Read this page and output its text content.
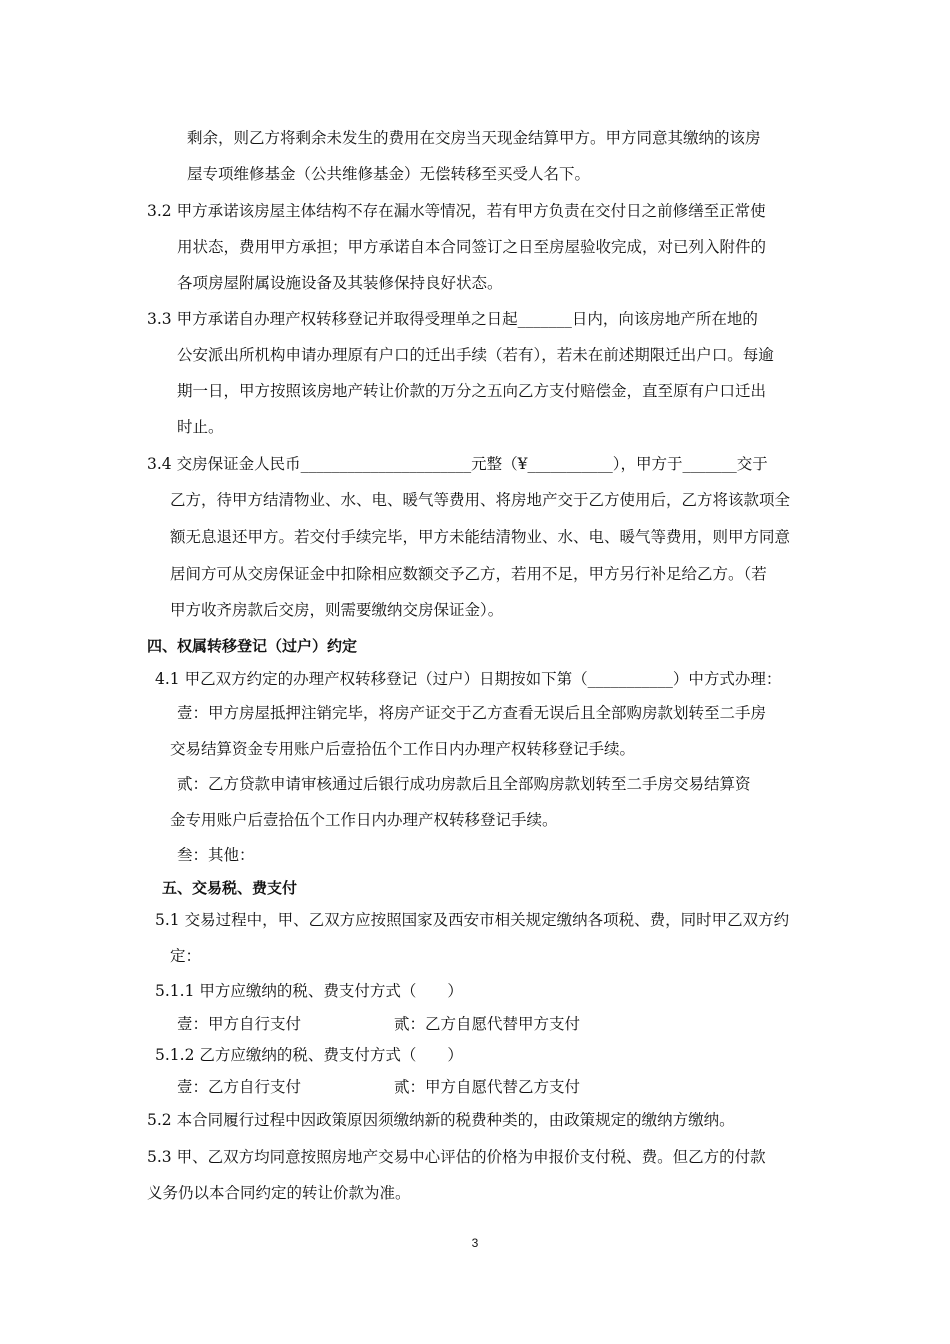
剩余，则乙方将剩余未发生的费用在交房当天现金结算甲方。甲方同意其缴纳的该房
屋专项维修基金（公共维修基金）无偿转移至买受人名下。
3.2 甲方承诺该房屋主体结构不存在漏水等情况，若有甲方负责在交付日之前修缮至正常使
用状态，费用甲方承担；甲方承诺自本合同签订之日至房屋验收完成，对已列入附件的
各项房屋附属设施设备及其装修保持良好状态。
3.3 甲方承诺自办理产权转移登记并取得受理单之日起_______日内，向该房地产所在地的
公安派出所机构申请办理原有户口的迁出手续（若有），若未在前述期限迁出户口。每逾
期一日，甲方按照该房地产转让价款的万分之五向乙方支付赔偿金，直至原有户口迁出
时止。
3.4 交房保证金人民币______________________元整（¥___________），甲方于_______交于
乙方，待甲方结清物业、水、电、暖气等费用、将房地产交于乙方使用后，乙方将该款项全
额无息退还甲方。若交付手续完毕，甲方未能结清物业、水、电、暖气等费用，则甲方同意
居间方可从交房保证金中扣除相应数额交予乙方，若用不足，甲方另行补足给乙方。（若
甲方收齐房款后交房，则需要缴纳交房保证金）。
四、权属转移登记（过户）约定
4.1 甲乙双方约定的办理产权转移登记（过户）日期按如下第（___________）中方式办理：
壹：甲方房屋抵押注销完毕，将房产证交于乙方查看无误后且全部购房款划转至二手房
交易结算资金专用账户后壹拾伍个工作日内办理产权转移登记手续。
贰：乙方贷款申请审核通过后银行成功房款后且全部购房款划转至二手房交易结算资
金专用账户后壹拾伍个工作日内办理产权转移登记手续。
叁：其他：
五、交易税、费支付
5.1 交易过程中，甲、乙双方应按照国家及西安市相关规定缴纳各项税、费，同时甲乙双方约
定：
5.1.1 甲方应缴纳的税、费支付方式（　　）
壹：甲方自行支付　　　　　　贰：乙方自愿代替甲方支付
5.1.2 乙方应缴纳的税、费支付方式（　　）
壹：乙方自行支付　　　　　　贰：甲方自愿代替乙方支付
5.2 本合同履行过程中因政策原因须缴纳新的税费种类的，由政策规定的缴纳方缴纳。
5.3 甲、乙双方均同意按照房地产交易中心评估的价格为申报价支付税、费。但乙方的付款
义务仍以本合同约定的转让价款为准。
3
